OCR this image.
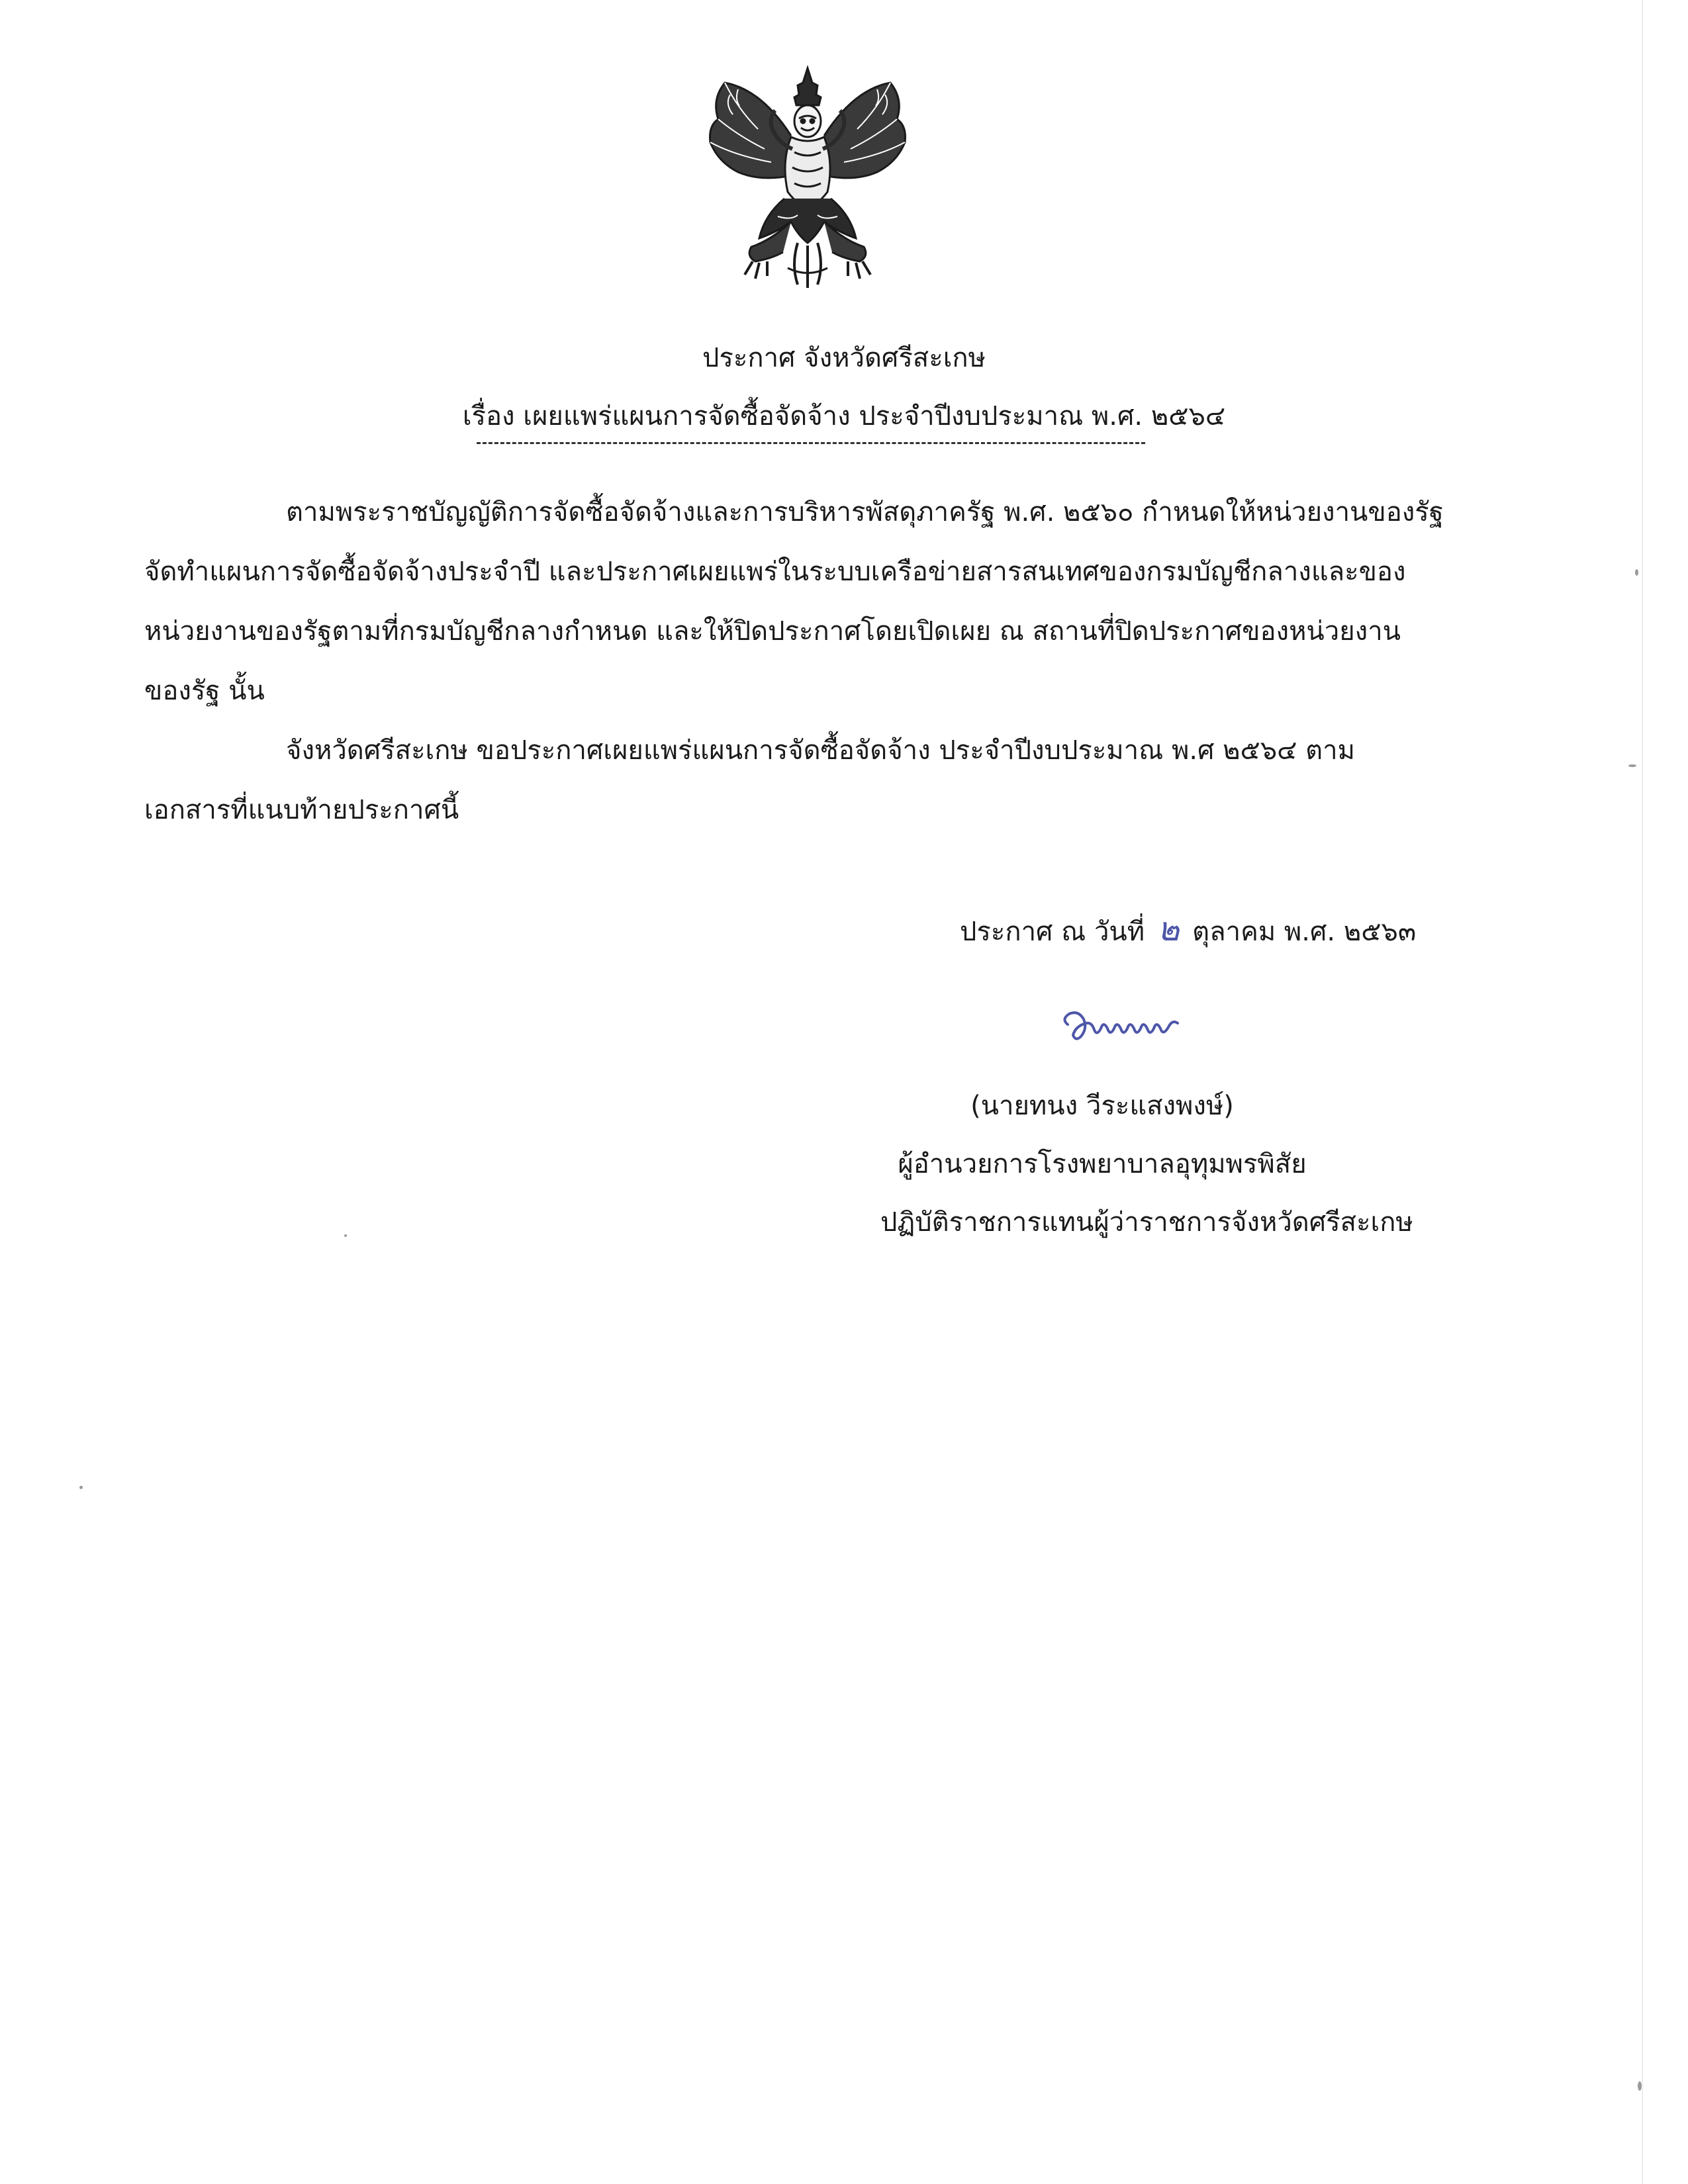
ประกาศ จังหวัดศรีสะเกษ
เรื่อง เผยแพร่แผนการจัดซื้อจัดจ้าง ประจำปีงบประมาณ พ.ศ. ๒๕๖๔
ตามพระราชบัญญัติการจัดซื้อจัดจ้างและการบริหารพัสดุภาครัฐ พ.ศ. ๒๕๖๐ กำหนดให้หน่วยงานของรัฐ
จัดทำแผนการจัดซื้อจัดจ้างประจำปี และประกาศเผยแพร่ในระบบเครือข่ายสารสนเทศของกรมบัญชีกลางและของ
หน่วยงานของรัฐตามที่กรมบัญชีกลางกำหนด และให้ปิดประกาศโดยเปิดเผย ณ สถานที่ปิดประกาศของหน่วยงาน
ของรัฐ นั้น
จังหวัดศรีสะเกษ ขอประกาศเผยแพร่แผนการจัดซื้อจัดจ้าง ประจำปีงบประมาณ พ.ศ ๒๕๖๔ ตาม
เอกสารที่แนบท้ายประกาศนี้
ประกาศ ณ วันที่ ๒ ตุลาคม พ.ศ. ๒๕๖๓
(นายทนง วีระแสงพงษ์)
ผู้อำนวยการโรงพยาบาลอุทุมพรพิสัย
ปฏิบัติราชการแทนผู้ว่าราชการจังหวัดศรีสะเกษ
